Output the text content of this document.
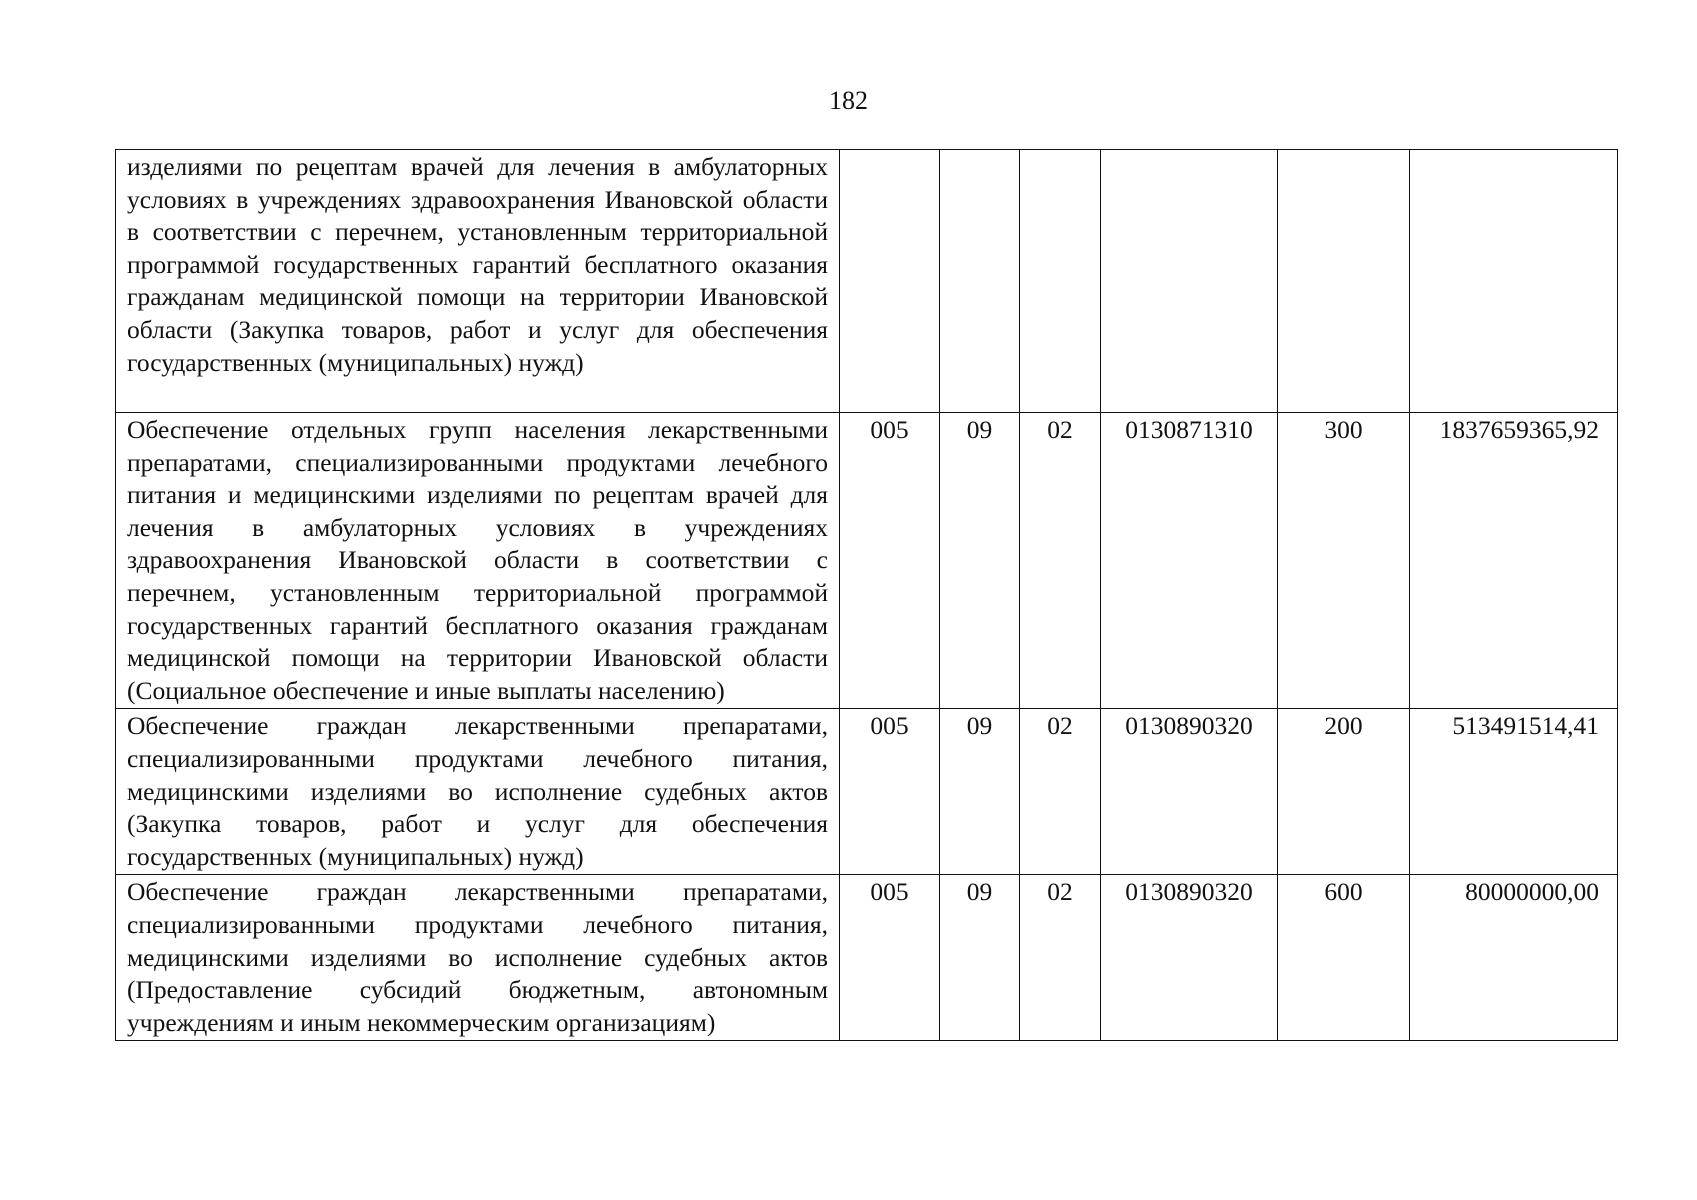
182
изделиями по рецептам врачей для лечения в амбулаторных условиях в учреждениях здравоохранения Ивановской области в соответствии с перечнем, установленным территориальной программой государственных гарантий бесплатного оказания гражданам медицинской помощи на территории Ивановской области (Закупка товаров, работ и услуг для обеспечения государственных (муниципальных) нужд)						
Обеспечение отдельных групп населения лекарственными препаратами, специализированными продуктами лечебного питания и медицинскими изделиями по рецептам врачей для лечения в амбулаторных условиях в учреждениях здравоохранения Ивановской области в соответствии с перечнем, установленным территориальной программой государственных гарантий бесплатного оказания гражданам медицинской помощи на территории Ивановской области (Социальное обеспечение и иные выплаты населению)	005	09	02	0130871310	300	1837659365,92
Обеспечение граждан лекарственными препаратами, специализированными продуктами лечебного питания, медицинскими изделиями во исполнение судебных актов (Закупка товаров, работ и услуг для обеспечения государственных (муниципальных) нужд)	005	09	02	0130890320	200	513491514,41
Обеспечение граждан лекарственными препаратами, специализированными продуктами лечебного питания, медицинскими изделиями во исполнение судебных актов (Предоставление субсидий бюджетным, автономным учреждениям и иным некоммерческим организациям)	005	09	02	0130890320	600	80000000,00
